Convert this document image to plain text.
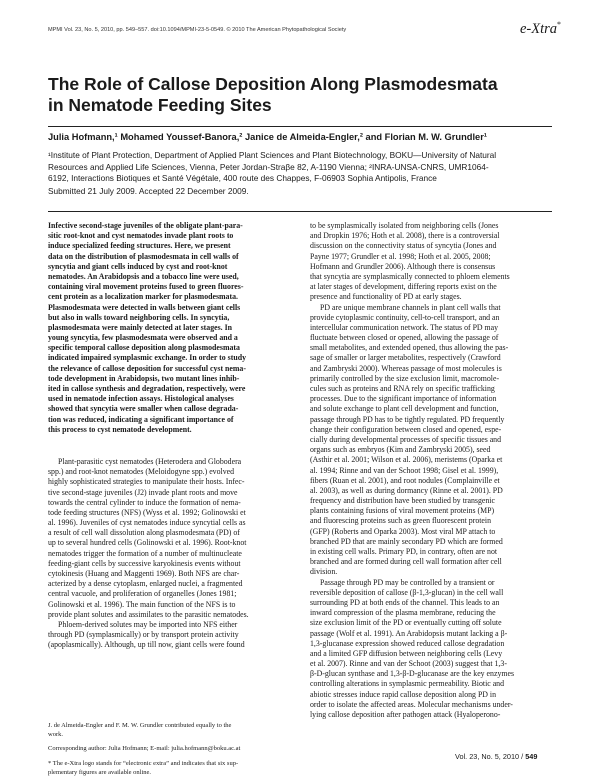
MPMI Vol. 23, No. 5, 2010, pp. 549–557. doi:10.1094/MPMI-23-5-0549. © 2010 The American Phytopathological Society	e-Xtra*
The Role of Callose Deposition Along Plasmodesmata
in Nematode Feeding Sites
Julia Hofmann,¹ Mohamed Youssef-Banora,² Janice de Almeida-Engler,² and Florian M. W. Grundler¹
¹Institute of Plant Protection, Department of Applied Plant Sciences and Plant Biotechnology, BOKU—University of Natural
Resources and Applied Life Sciences, Vienna, Peter Jordan-Straβe 82, A-1190 Vienna; ²INRA-UNSA-CNRS, UMR1064-
6192, Interactions Biotiques et Santé Végétale, 400 route des Chappes, F-06903 Sophia Antipolis, France
Submitted 21 July 2009. Accepted 22 December 2009.
Infective second-stage juveniles of the obligate plant-para-
sitic root-knot and cyst nematodes invade plant roots to
induce specialized feeding structures. Here, we present
data on the distribution of plasmodesmata in cell walls of
syncytia and giant cells induced by cyst and root-knot
nematodes. An Arabidopsis and a tobacco line were used,
containing viral movement proteins fused to green fluores-
cent protein as a localization marker for plasmodesmata.
Plasmodesmata were detected in walls between giant cells
but also in walls toward neighboring cells. In syncytia,
plasmodesmata were mainly detected at later stages. In
young syncytia, few plasmodesmata were observed and a
specific temporal callose deposition along plasmodesmata
indicated impaired symplasmic exchange. In order to study
the relevance of callose deposition for successful cyst nema-
tode development in Arabidopsis, two mutant lines inhib-
ited in callose synthesis and degradation, respectively, were
used in nematode infection assays. Histological analyses
showed that syncytia were smaller when callose degrada-
tion was reduced, indicating a significant importance of
this process to cyst nematode development.
Plant-parasitic cyst nematodes (Heterodera and Globodera
spp.) and root-knot nematodes (Meloidogyne spp.) evolved
highly sophisticated strategies to manipulate their hosts. Infec-
tive second-stage juveniles (J2) invade plant roots and move
towards the central cylinder to induce the formation of nema-
tode feeding structures (NFS) (Wyss et al. 1992; Golinowski et
al. 1996). Juveniles of cyst nematodes induce syncytial cells as
a result of cell wall dissolution along plasmodesmata (PD) of
up to several hundred cells (Golinowski et al. 1996). Root-knot
nematodes trigger the formation of a number of multinucleate
feeding-giant cells by successive karyokinesis events without
cytokinesis (Huang and Maggenti 1969). Both NFS are char-
acterized by a dense cytoplasm, enlarged nuclei, a fragmented
central vacuole, and proliferation of organelles (Jones 1981;
Golinowski et al. 1996). The main function of the NFS is to
provide plant solutes and assimilates to the parasitic nematodes.
Phloem-derived solutes may be imported into NFS either
through PD (symplasmically) or by transport protein activity
(apoplasmically). Although, up till now, giant cells were found
to be symplasmically isolated from neighboring cells (Jones
and Dropkin 1976; Hoth et al. 2008), there is a controversial
discussion on the connectivity status of syncytia (Jones and
Payne 1977; Grundler et al. 1998; Hoth et al. 2005, 2008;
Hofmann and Grundler 2006). Although there is consensus
that syncytia are symplasmically connected to phloem elements
at later stages of development, differing reports exist on the
presence and functionality of PD at early stages.
PD are unique membrane channels in plant cell walls that
provide cytoplasmic continuity, cell-to-cell transport, and an
intercellular communication network. The status of PD may
fluctuate between closed or opened, allowing the passage of
small metabolites, and extended opened, thus allowing the pas-
sage of smaller or larger metabolites, respectively (Crawford
and Zambryski 2000). Whereas passage of most molecules is
primarily controlled by the size exclusion limit, macromole-
cules such as proteins and RNA rely on specific trafficking
processes. Due to the significant importance of information
and solute exchange to plant cell development and function,
passage through PD has to be tightly regulated. PD frequently
change their configuration between closed and opened, espe-
cially during developmental processes of specific tissues and
organs such as embryos (Kim and Zambryski 2005), seed
(Asthir et al. 2001; Wilson et al. 2006), meristems (Oparka et
al. 1994; Rinne and van der Schoot 1998; Gisel et al. 1999),
fibers (Ruan et al. 2001), and root nodules (Complainville et
al. 2003), as well as during dormancy (Rinne et al. 2001). PD
frequency and distribution have been studied by transgenic
plants containing fusions of viral movement proteins (MP)
and fluorescing proteins such as green fluorescent protein
(GFP) (Roberts and Oparka 2003). Most viral MP attach to
branched PD that are mainly secondary PD which are formed
in existing cell walls. Primary PD, in contrary, often are not
branched and are formed during cell wall formation after cell
division.
Passage through PD may be controlled by a transient or
reversible deposition of callose (β-1,3-glucan) in the cell wall
surrounding PD at both ends of the channel. This leads to an
inward compression of the plasma membrane, reducing the
size exclusion limit of the PD or eventually cutting off solute
passage (Wolf et al. 1991). An Arabidopsis mutant lacking a β-
1,3-glucanase expression showed reduced callose degradation
and a limited GFP diffusion between neighboring cells (Levy
et al. 2007). Rinne and van der Schoot (2003) suggest that 1,3-
β-D-glucan synthase and 1,3-β-D-glucanase are the key enzymes
controlling alterations in symplasmic permeability. Biotic and
abiotic stresses induce rapid callose deposition along PD in
order to isolate the affected areas. Molecular mechanisms under-
lying callose deposition after pathogen attack (Hyaloperono-
J. de Almeida-Engler and F. M. W. Grundler contributed equally to the
work.
Corresponding author: Julia Hofmann; E-mail: julia.hofmann@boku.ac.at
* The e-Xtra logo stands for “electronic extra” and indicates that six sup-
plementary figures are available online.
Vol. 23, No. 5, 2010 / 549
